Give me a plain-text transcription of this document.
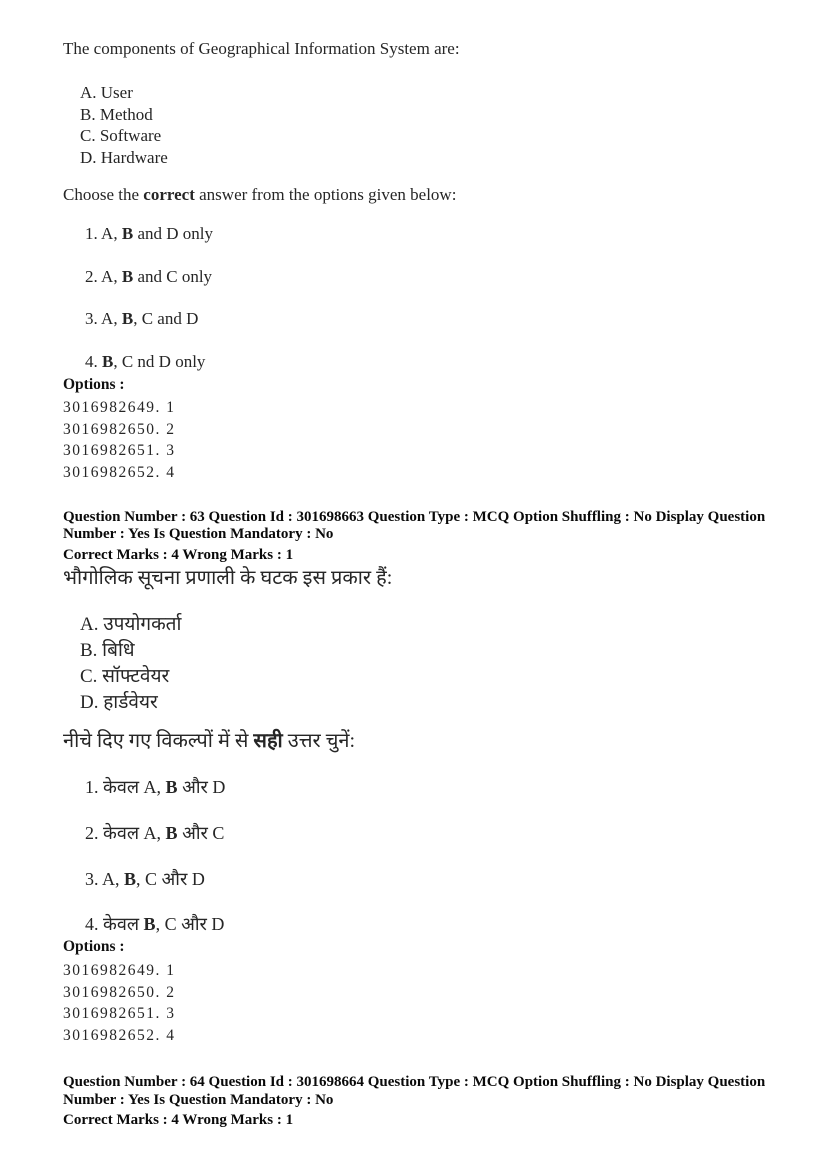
The components of Geographical Information System are:

A. User
B. Method
C. Software
D. Hardware

Choose the correct answer from the options given below:

1. A, B and D only

2. A, B and C only

3. A, B, C and D

4. B, C nd D only

Options :

3016982649. 1
3016982650. 2
3016982651. 3
3016982652. 4

Question Number : 63 Question Id : 301698663 Question Type : MCQ Option Shuffling : No Display Question

Number : Yes Is Question Mandatory : No

Correct Marks : 4 Wrong Marks : 1

भौगोलिक सूचना प्रणाली के घटक इस प्रकार हैं:

A. उपयोगकर्ता
B. बिधि
C. सॉफ्टवेयर
D. हार्डवेयर

नीचे दिए गए विकल्पों में से सही उत्तर चुनें:

1. केवल A, B और D

2. केवल A, B और C

3. A, B, C और D

4. केवल B, C और D

Options :

3016982649. 1
3016982650. 2
3016982651. 3
3016982652. 4

Question Number : 64 Question Id : 301698664 Question Type : MCQ Option Shuffling : No Display Question

Number : Yes Is Question Mandatory : No

Correct Marks : 4 Wrong Marks : 1
